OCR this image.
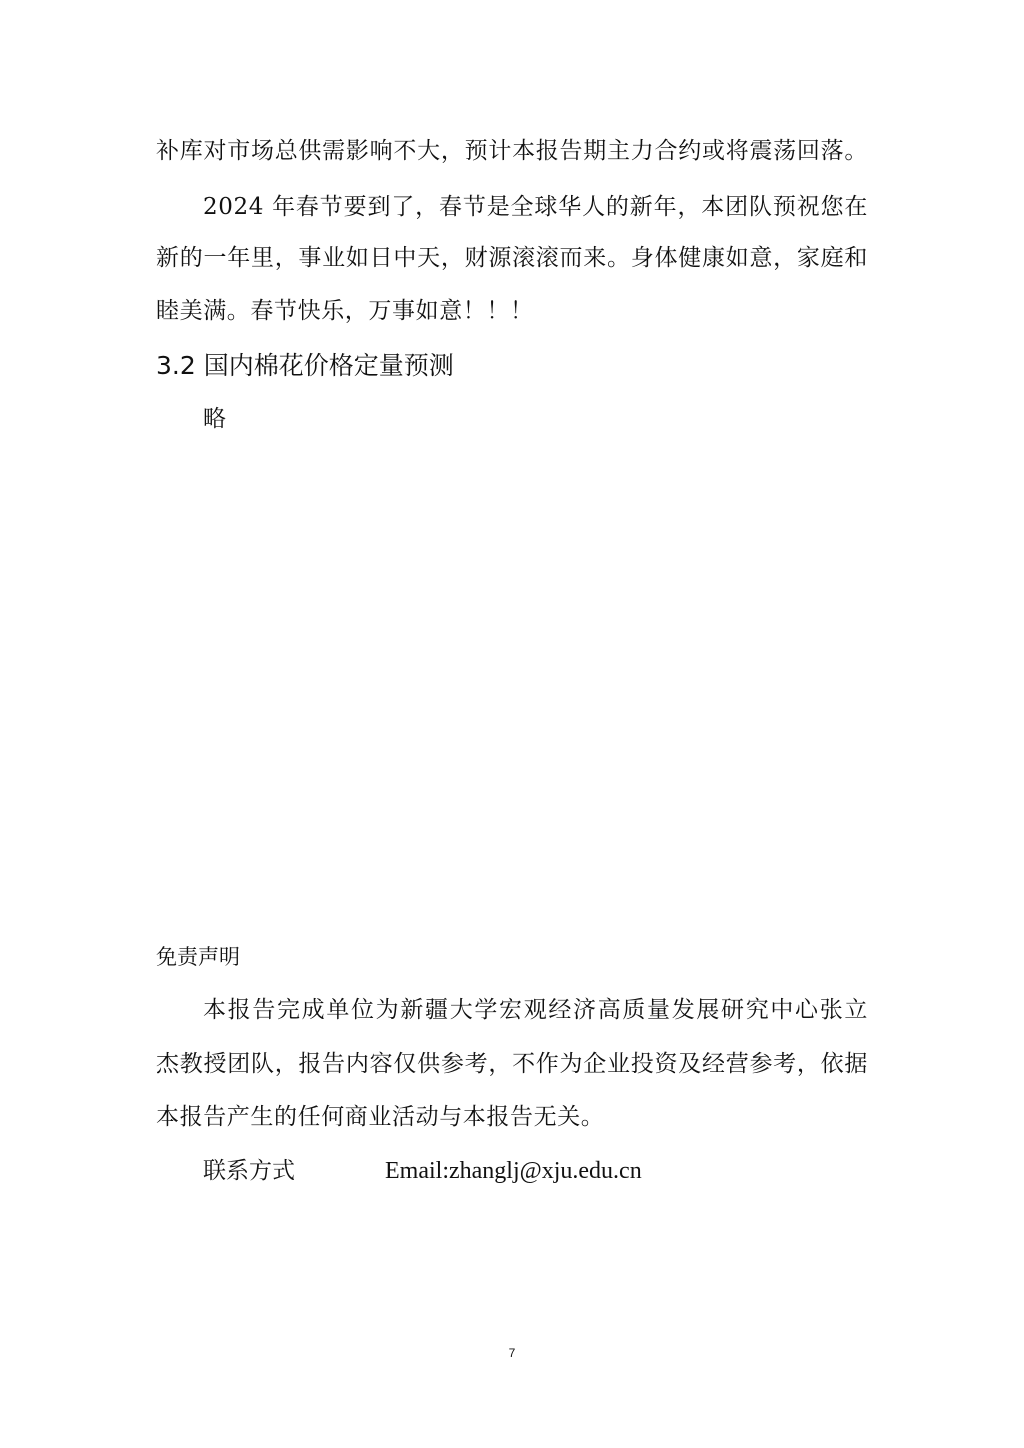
补库对市场总供需影响不大，预计本报告期主力合约或将震荡回落。
2024 年春节要到了，春节是全球华人的新年，本团队预祝您在
新的一年里，事业如日中天，财源滚滚而来。身体健康如意，家庭和
睦美满。春节快乐，万事如意！！！
3.2 国内棉花价格定量预测
略
免责声明
本报告完成单位为新疆大学宏观经济高质量发展研究中心张立
杰教授团队，报告内容仅供参考，不作为企业投资及经营参考，依据
本报告产生的任何商业活动与本报告无关。
联系方式	Email:zhanglj@xju.edu.cn
7
